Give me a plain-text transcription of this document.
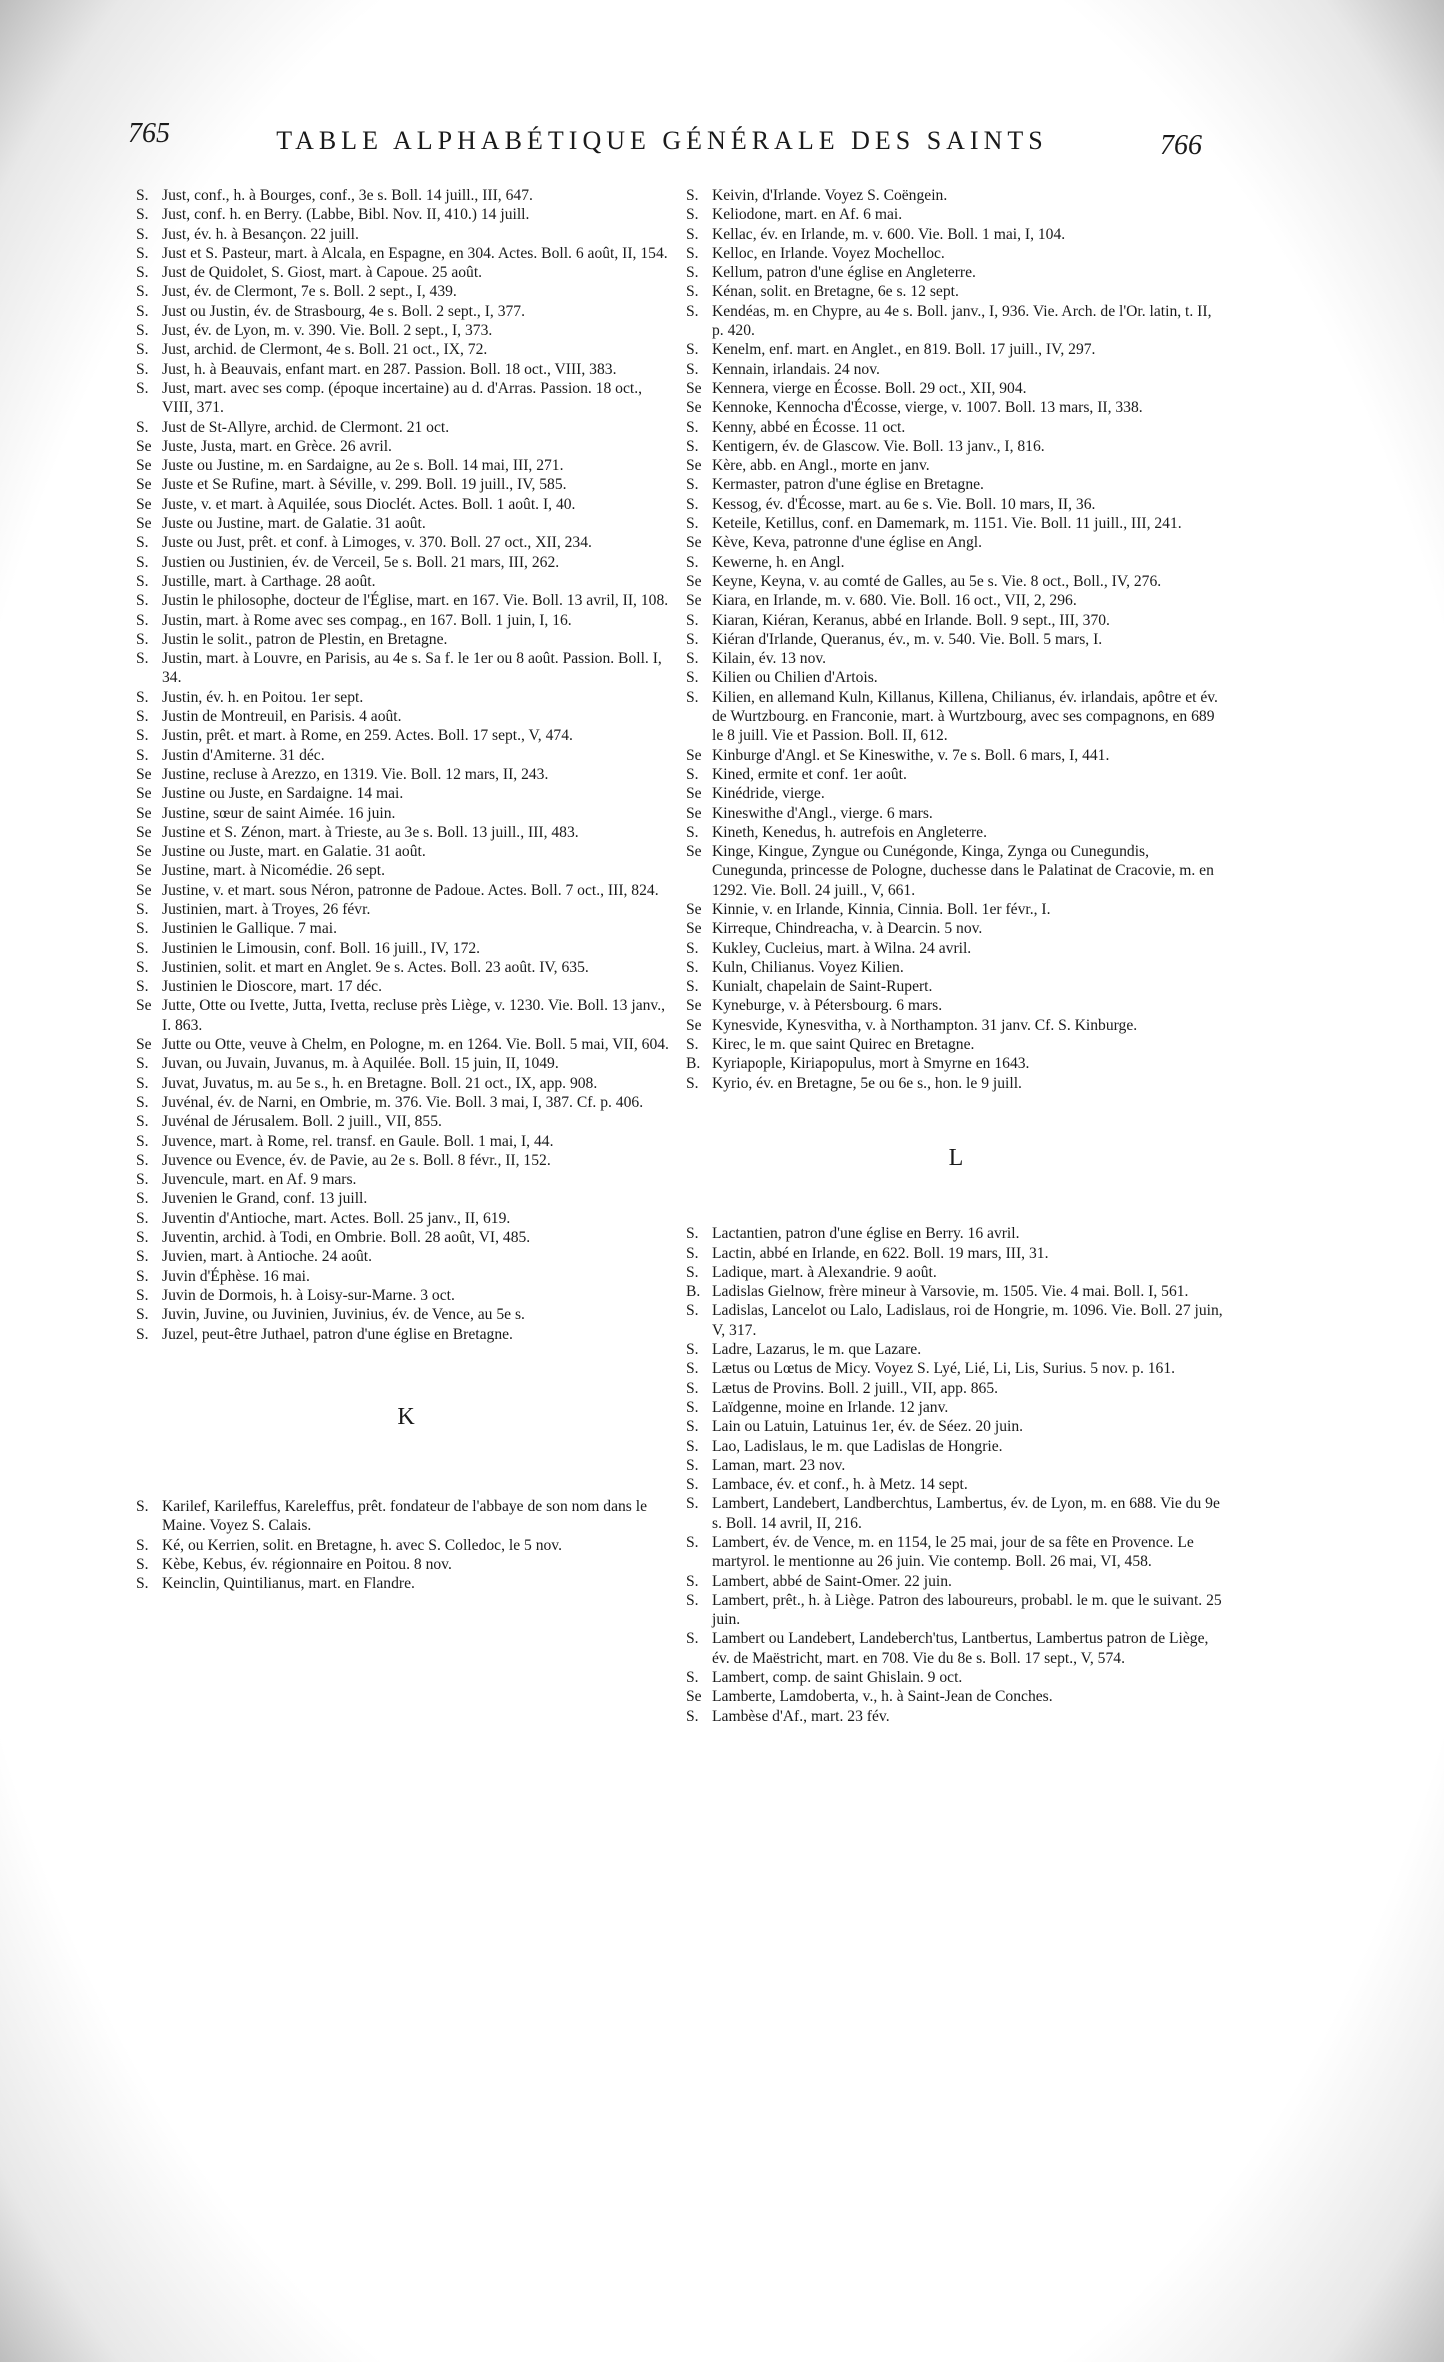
765	TABLE ALPHABÉTIQUE GÉNÉRALE DES SAINTS	766

S. Just, conf., h. à Bourges, conf., 3e s. Boll. 14 juill., III, 647.

S. Just, conf. h. en Berry. (Labbe, Bibl. Nov. II, 410.) 14 juill.

S. Just, év. h. à Besançon. 22 juill.

S. Just et S. Pasteur, mart. à Alcala, en Espagne, en 304. Actes. Boll. 6 août, II, 154.

S. Just de Quidolet, S. Giost, mart. à Capoue. 25 août.

S. Just, év. de Clermont, 7e s. Boll. 2 sept., I, 439.

S. Just ou Justin, év. de Strasbourg, 4e s. Boll. 2 sept., I, 377.

S. Just, év. de Lyon, m. v. 390. Vie. Boll. 2 sept., I, 373.

S. Just, archid. de Clermont, 4e s. Boll. 21 oct., IX, 72.

S. Just, h. à Beauvais, enfant mart. en 287. Passion. Boll. 18 oct., VIII, 383.

S. Just, mart. avec ses comp. (époque incertaine) au d. d'Arras. Passion. 18 oct., VIII, 371.

S. Just de St-Allyre, archid. de Clermont. 21 oct.

Se Juste, Justa, mart. en Grèce. 26 avril.

Se Juste ou Justine, m. en Sardaigne, au 2e s. Boll. 14 mai, III, 271.

Se Juste et Se Rufine, mart. à Séville, v. 299. Boll. 19 juill., IV, 585.

Se Juste, v. et mart. à Aquilée, sous Dioclét. Actes. Boll. 1 août. I, 40.

Se Juste ou Justine, mart. de Galatie. 31 août.

S. Juste ou Just, prêt. et conf. à Limoges, v. 370. Boll. 27 oct., XII, 234.

S. Justien ou Justinien, év. de Verceil, 5e s. Boll. 21 mars, III, 262.

S. Justille, mart. à Carthage. 28 août.

S. Justin le philosophe, docteur de l'Église, mart. en 167. Vie. Boll. 13 avril, II, 108.

S. Justin, mart. à Rome avec ses compag., en 167. Boll. 1 juin, I, 16.

S. Justin le solit., patron de Plestin, en Bretagne.

S. Justin, mart. à Louvre, en Parisis, au 4e s. Sa f. le 1er ou 8 août. Passion. Boll. I, 34.

S. Justin, év. h. en Poitou. 1er sept.

S. Justin de Montreuil, en Parisis. 4 août.

S. Justin, prêt. et mart. à Rome, en 259. Actes. Boll. 17 sept., V, 474.

S. Justin d'Amiterne. 31 déc.

Se Justine, recluse à Arezzo, en 1319. Vie. Boll. 12 mars, II, 243.

Se Justine ou Juste, en Sardaigne. 14 mai.

Se Justine, sœur de saint Aimée. 16 juin.

Se Justine et S. Zénon, mart. à Trieste, au 3e s. Boll. 13 juill., III, 483.

Se Justine ou Juste, mart. en Galatie. 31 août.

Se Justine, mart. à Nicomédie. 26 sept.

Se Justine, v. et mart. sous Néron, patronne de Padoue. Actes. Boll. 7 oct., III, 824.

S. Justinien, mart. à Troyes, 26 févr.

S. Justinien le Gallique. 7 mai.

S. Justinien le Limousin, conf. Boll. 16 juill., IV, 172.

S. Justinien, solit. et mart en Anglet. 9e s. Actes. Boll. 23 août. IV, 635.

S. Justinien le Dioscore, mart. 17 déc.

Se Jutte, Otte ou Ivette, Jutta, Ivetta, recluse près Liège, v. 1230. Vie. Boll. 13 janv., I. 863.

Se Jutte ou Otte, veuve à Chelm, en Pologne, m. en 1264. Vie. Boll. 5 mai, VII, 604.

S. Juvan, ou Juvain, Juvanus, m. à Aquilée. Boll. 15 juin, II, 1049.

S. Juvat, Juvatus, m. au 5e s., h. en Bretagne. Boll. 21 oct., IX, app. 908.

S. Juvénal, év. de Narni, en Ombrie, m. 376. Vie. Boll. 3 mai, I, 387. Cf. p. 406.

S. Juvénal de Jérusalem. Boll. 2 juill., VII, 855.

S. Juvence, mart. à Rome, rel. transf. en Gaule. Boll. 1 mai, I, 44.

S. Juvence ou Evence, év. de Pavie, au 2e s. Boll. 8 févr., II, 152.

S. Juvencule, mart. en Af. 9 mars.

S. Juvenien le Grand, conf. 13 juill.

S. Juventin d'Antioche, mart. Actes. Boll. 25 janv., II, 619.

S. Juventin, archid. à Todi, en Ombrie. Boll. 28 août, VI, 485.

S. Juvien, mart. à Antioche. 24 août.

S. Juvin d'Éphèse. 16 mai.

S. Juvin de Dormois, h. à Loisy-sur-Marne. 3 oct.

S. Juvin, Juvine, ou Juvinien, Juvinius, év. de Vence, au 5e s.

S. Juzel, peut-être Juthael, patron d'une église en Bretagne.

K

S. Karilef, Karileffus, Kareleffus, prêt. fondateur de l'abbaye de son nom dans le Maine. Voyez S. Calais.

S. Ké, ou Kerrien, solit. en Bretagne, h. avec S. Colledoc, le 5 nov.

S. Kèbe, Kebus, év. régionnaire en Poitou. 8 nov.

S. Keinclin, Quintilianus, mart. en Flandre.

S. Keivin, d'Irlande. Voyez S. Coëngein.

S. Keliodone, mart. en Af. 6 mai.

S. Kellac, év. en Irlande, m. v. 600. Vie. Boll. 1 mai, I, 104.

S. Kelloc, en Irlande. Voyez Mochelloc.

S. Kellum, patron d'une église en Angleterre.

S. Kénan, solit. en Bretagne, 6e s. 12 sept.

S. Kendéas, m. en Chypre, au 4e s. Boll. janv., I, 936. Vie. Arch. de l'Or. latin, t. II, p. 420.

S. Kenelm, enf. mart. en Anglet., en 819. Boll. 17 juill., IV, 297.

S. Kennain, irlandais. 24 nov.

Se Kennera, vierge en Écosse. Boll. 29 oct., XII, 904.

Se Kennoke, Kennocha d'Écosse, vierge, v. 1007. Boll. 13 mars, II, 338.

S. Kenny, abbé en Écosse. 11 oct.

S. Kentigern, év. de Glascow. Vie. Boll. 13 janv., I, 816.

Se Kère, abb. en Angl., morte en janv.

S. Kermaster, patron d'une église en Bretagne.

S. Kessog, év. d'Écosse, mart. au 6e s. Vie. Boll. 10 mars, II, 36.

S. Keteile, Ketillus, conf. en Damemark, m. 1151. Vie. Boll. 11 juill., III, 241.

Se Kève, Keva, patronne d'une église en Angl.

S. Kewerne, h. en Angl.

Se Keyne, Keyna, v. au comté de Galles, au 5e s. Vie. 8 oct., Boll., IV, 276.

Se Kiara, en Irlande, m. v. 680. Vie. Boll. 16 oct., VII, 2, 296.

S. Kiaran, Kiéran, Keranus, abbé en Irlande. Boll. 9 sept., III, 370.

S. Kiéran d'Irlande, Queranus, év., m. v. 540. Vie. Boll. 5 mars, I.

S. Kilain, év. 13 nov.

S. Kilien ou Chilien d'Artois.

S. Kilien, en allemand Kuln, Killanus, Killena, Chilianus, év. irlandais, apôtre et év. de Wurtzbourg. en Franconie, mart. à Wurtzbourg, avec ses compagnons, en 689 le 8 juill. Vie et Passion. Boll. II, 612.

Se Kinburge d'Angl. et Se Kineswithe, v. 7e s. Boll. 6 mars, I, 441.

S. Kined, ermite et conf. 1er août.

Se Kinédride, vierge.

Se Kineswithe d'Angl., vierge. 6 mars.

S. Kineth, Kenedus, h. autrefois en Angleterre.

Se Kinge, Kingue, Zyngue ou Cunégonde, Kinga, Zynga ou Cunegundis, Cunegunda, princesse de Pologne, duchesse dans le Palatinat de Cracovie, m. en 1292. Vie. Boll. 24 juill., V, 661.

Se Kinnie, v. en Irlande, Kinnia, Cinnia. Boll. 1er févr., I.

Se Kirreque, Chindreacha, v. à Dearcin. 5 nov.

S. Kukley, Cucleius, mart. à Wilna. 24 avril.

S. Kuln, Chilianus. Voyez Kilien.

S. Kunialt, chapelain de Saint-Rupert.

Se Kyneburge, v. à Pétersbourg. 6 mars.

Se Kynesvide, Kynesvitha, v. à Northampton. 31 janv. Cf. S. Kinburge.

S. Kirec, le m. que saint Quirec en Bretagne.

B. Kyriapople, Kiriapopulus, mort à Smyrne en 1643.

S. Kyrio, év. en Bretagne, 5e ou 6e s., hon. le 9 juill.

L

S. Lactantien, patron d'une église en Berry. 16 avril.

S. Lactin, abbé en Irlande, en 622. Boll. 19 mars, III, 31.

S. Ladique, mart. à Alexandrie. 9 août.

B. Ladislas Gielnow, frère mineur à Varsovie, m. 1505. Vie. 4 mai. Boll. I, 561.

S. Ladislas, Lancelot ou Lalo, Ladislaus, roi de Hongrie, m. 1096. Vie. Boll. 27 juin, V, 317.

S. Ladre, Lazarus, le m. que Lazare.

S. Lætus ou Lœtus de Micy. Voyez S. Lyé, Lié, Li, Lis, Surius. 5 nov. p. 161.

S. Lætus de Provins. Boll. 2 juill., VII, app. 865.

S. Laïdgenne, moine en Irlande. 12 janv.

S. Lain ou Latuin, Latuinus 1er, év. de Séez. 20 juin.

S. Lao, Ladislaus, le m. que Ladislas de Hongrie.

S. Laman, mart. 23 nov.

S. Lambace, év. et conf., h. à Metz. 14 sept.

S. Lambert, Landebert, Landberchtus, Lambertus, év. de Lyon, m. en 688. Vie du 9e s. Boll. 14 avril, II, 216.

S. Lambert, év. de Vence, m. en 1154, le 25 mai, jour de sa fête en Provence. Le martyrol. le mentionne au 26 juin. Vie contemp. Boll. 26 mai, VI, 458.

S. Lambert, abbé de Saint-Omer. 22 juin.

S. Lambert, prêt., h. à Liège. Patron des laboureurs, probabl. le m. que le suivant. 25 juin.

S. Lambert ou Landebert, Landeberch'tus, Lantbertus, Lambertus patron de Liège, év. de Maëstricht, mart. en 708. Vie du 8e s. Boll. 17 sept., V, 574.

S. Lambert, comp. de saint Ghislain. 9 oct.

Se Lamberte, Lamdoberta, v., h. à Saint-Jean de Conches.

S. Lambèse d'Af., mart. 23 fév.
